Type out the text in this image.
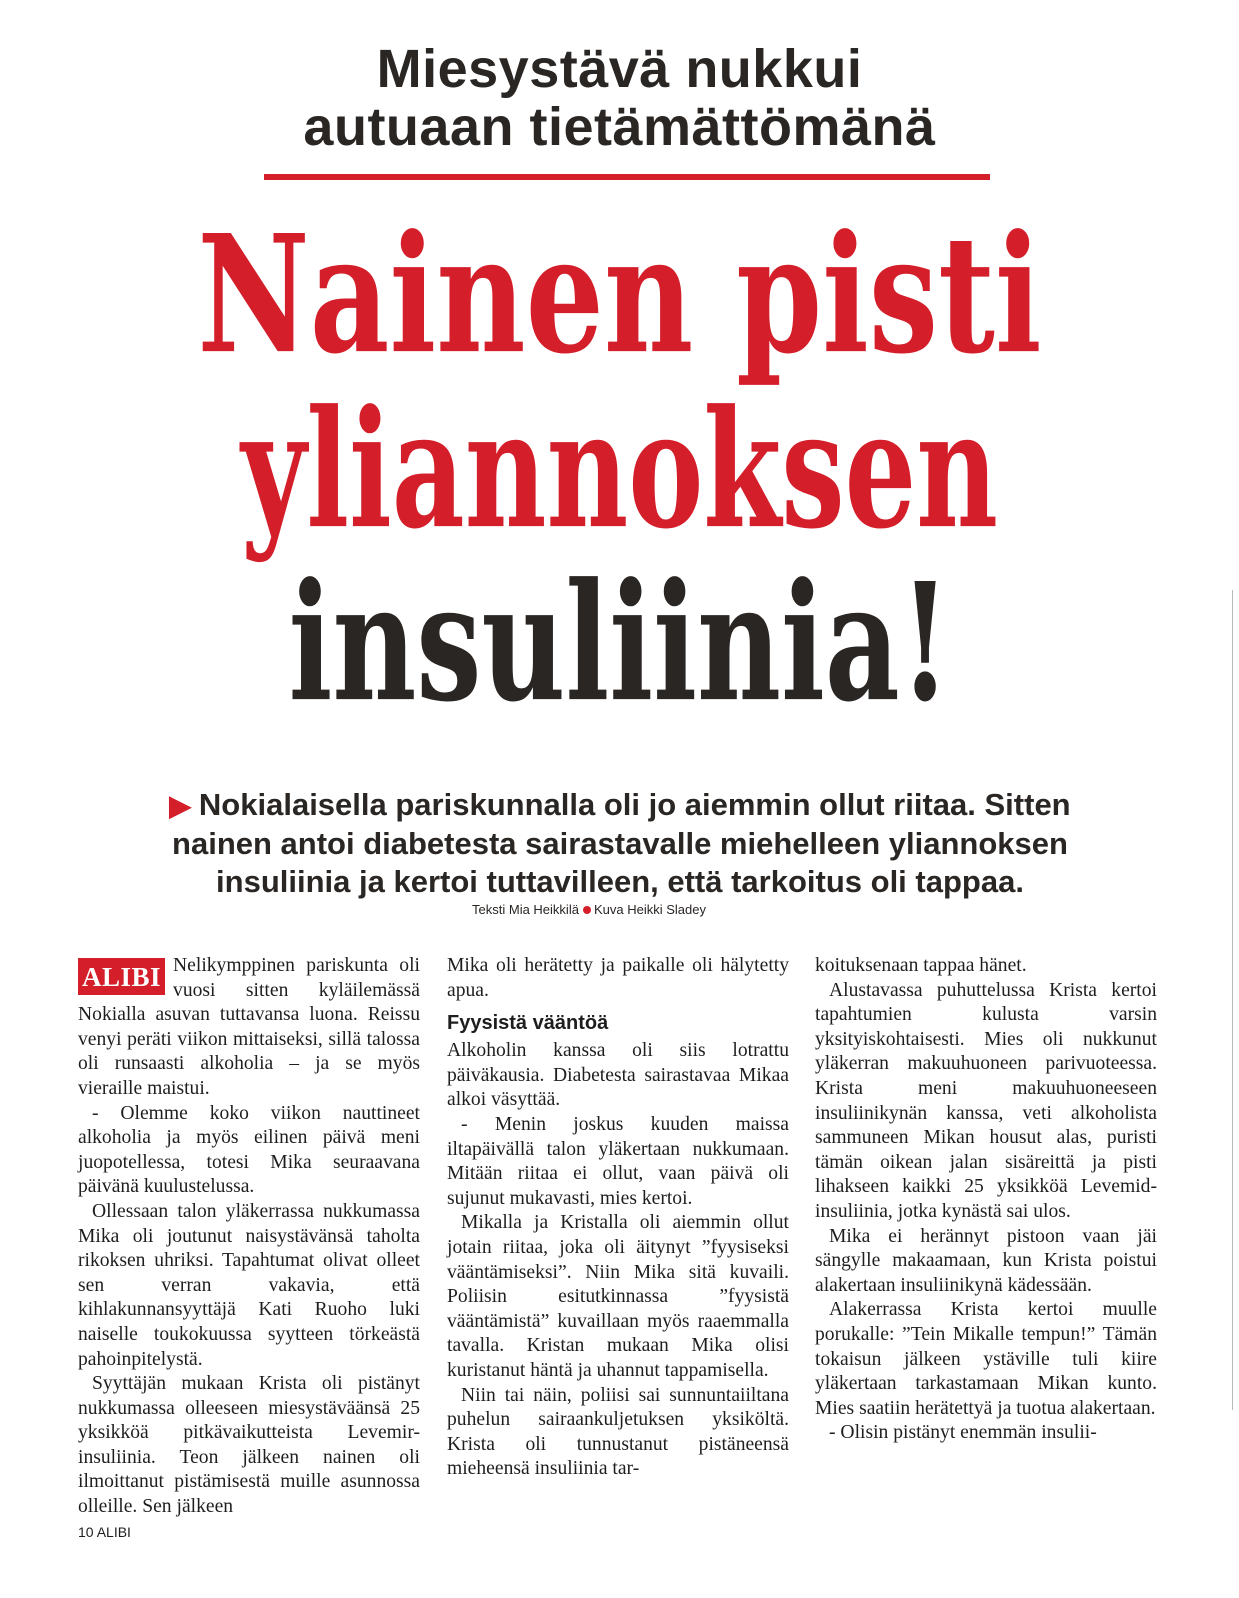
Miesystävä nukkui
autuaan tietämättömänä
Nainen pisti
yliannoksen
insuliinia!
▶ Nokialaisella pariskunnalla oli jo aiemmin ollut riitaa. Sitten
nainen antoi diabetesta sairastavalle miehelleen yliannoksen
insuliinia ja kertoi tuttavilleen, että tarkoitus oli tappaa.
Teksti Mia Heikkilä Kuva Heikki Sladey

ALIBI Nelikymppinen pariskunta oli vuosi sitten kyläilemässä Nokialla asuvan tuttavansa luona. Reissu venyi peräti viikon mittaiseksi, sillä talossa oli runsaasti alkoholia – ja se myös vieraille maistui.

- Olemme koko viikon nauttineet alkoholia ja myös eilinen päivä meni juopotellessa, totesi Mika seuraavana päivänä kuulustelussa.

Ollessaan talon yläkerrassa nukkumassa Mika oli joutunut naisystävänsä taholta rikoksen uhriksi. Tapahtumat olivat olleet sen verran vakavia, että kihlakunnansyyttäjä Kati Ruoho luki naiselle toukokuussa syytteen törkeästä pahoinpitelystä.

Syyttäjän mukaan Krista oli pistänyt nukkumassa olleeseen miesystäväänsä 25 yksikköä pitkävaikutteista Levemir-insuliinia. Teon jälkeen nainen oli ilmoittanut pistämisestä muille asunnossa olleille. Sen jälkeen

Mika oli herätetty ja paikalle oli hälytetty apua.

Fyysistä vääntöä

Alkoholin kanssa oli siis lotrattu päiväkausia. Diabetesta sairastavaa Mikaa alkoi väsyttää.

- Menin joskus kuuden maissa iltapäivällä talon yläkertaan nukkumaan. Mitään riitaa ei ollut, vaan päivä oli sujunut mukavasti, mies kertoi.

Mikalla ja Kristalla oli aiemmin ollut jotain riitaa, joka oli äitynyt ”fyysiseksi vääntämiseksi”. Niin Mika sitä kuvaili. Poliisin esitutkinnassa ”fyysistä vääntämistä” kuvaillaan myös raaemmalla tavalla. Kristan mukaan Mika olisi kuristanut häntä ja uhannut tappamisella.

Niin tai näin, poliisi sai sunnuntaiiltana puhelun sairaankuljetuksen yksiköltä. Krista oli tunnustanut pistäneensä mieheensä insuliinia tar-

koituksenaan tappaa hänet.

Alustavassa puhuttelussa Krista kertoi tapahtumien kulusta varsin yksityiskohtaisesti. Mies oli nukkunut yläkerran makuuhuoneen parivuoteessa. Krista meni makuuhuoneeseen insuliinikynän kanssa, veti alkoholista sammuneen Mikan housut alas, puristi tämän oikean jalan sisäreittä ja pisti lihakseen kaikki 25 yksikköä Levemid-insuliinia, jotka kynästä sai ulos.

Mika ei herännyt pistoon vaan jäi sängylle makaamaan, kun Krista poistui alakertaan insuliinikynä kädessään.

Alakerrassa Krista kertoi muulle porukalle: ”Tein Mikalle tempun!” Tämän tokaisun jälkeen ystäville tuli kiire yläkertaan tarkastamaan Mikan kunto. Mies saatiin herätettyä ja tuotua alakertaan.

- Olisin pistänyt enemmän insulii-

10 ALIBI
